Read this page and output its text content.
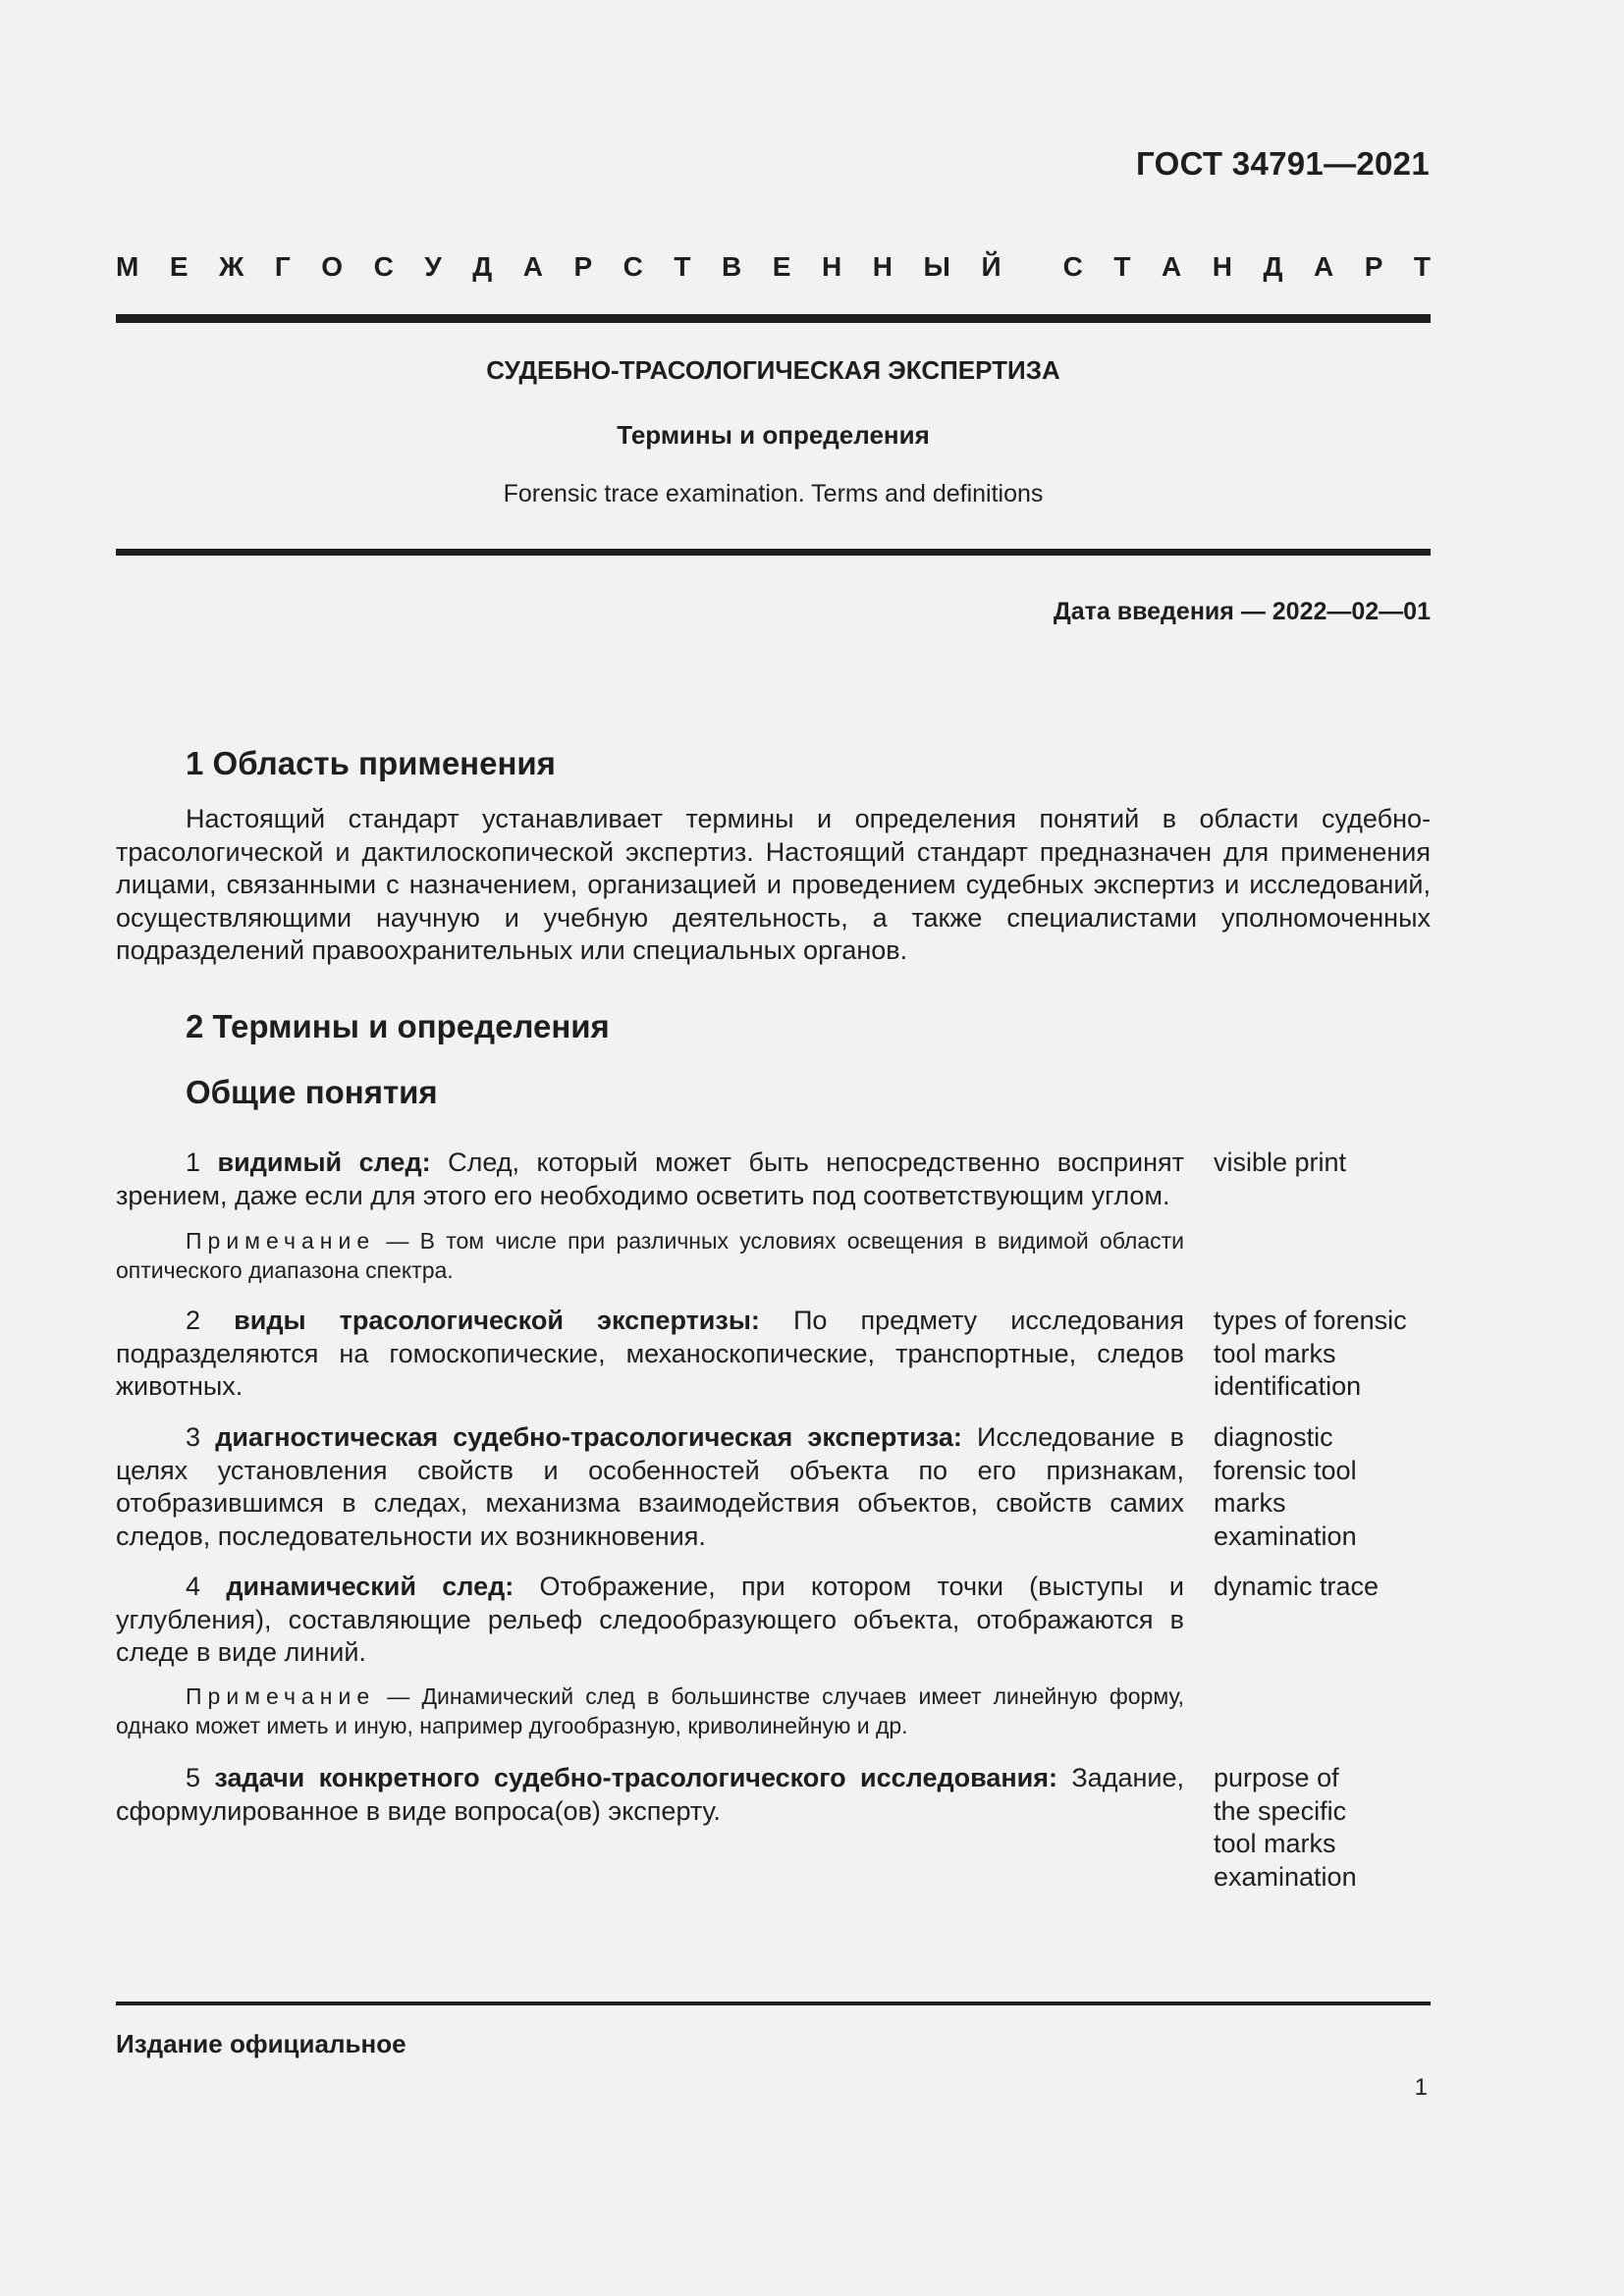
ГОСТ 34791—2021
М Е Ж Г О С У Д А Р С Т В Е Н Н Ы Й С Т А Н Д А Р Т
СУДЕБНО-ТРАСОЛОГИЧЕСКАЯ ЭКСПЕРТИЗА
Термины и определения
Forensic trace examination. Terms and definitions
Дата введения — 2022—02—01
1 Область применения
Настоящий стандарт устанавливает термины и определения понятий в области судебно-трасологической и дактилоскопической экспертиз. Настоящий стандарт предназначен для применения лицами, связанными с назначением, организацией и проведением судебных экспертиз и исследований, осуществляющими научную и учебную деятельность, а также специалистами уполномоченных подразделений правоохранительных или специальных органов.
2 Термины и определения
Общие понятия
1 видимый след: След, который может быть непосредственно воспринят зрением, даже если для этого его необходимо осветить под соответствующим углом.
visible print
Примечание — В том числе при различных условиях освещения в видимой области оптического диапазона спектра.
2 виды трасологической экспертизы: По предмету исследования подразделяются на гомоскопические, механоскопические, транспортные, следов животных.
types of forensic tool marks identification
3 диагностическая судебно-трасологическая экспертиза: Исследование в целях установления свойств и особенностей объекта по его признакам, отобразившимся в следах, механизма взаимодействия объектов, свойств самих следов, последовательности их возникновения.
diagnostic forensic tool marks examination
4 динамический след: Отображение, при котором точки (выступы и углубления), составляющие рельеф следообразующего объекта, отображаются в следе в виде линий.
dynamic trace
Примечание — Динамический след в большинстве случаев имеет линейную форму, однако может иметь и иную, например дугообразную, криволинейную и др.
5 задачи конкретного судебно-трасологического исследования: Задание, сформулированное в виде вопроса(ов) эксперту.
purpose of the specific tool marks examination
Издание официальное
1
